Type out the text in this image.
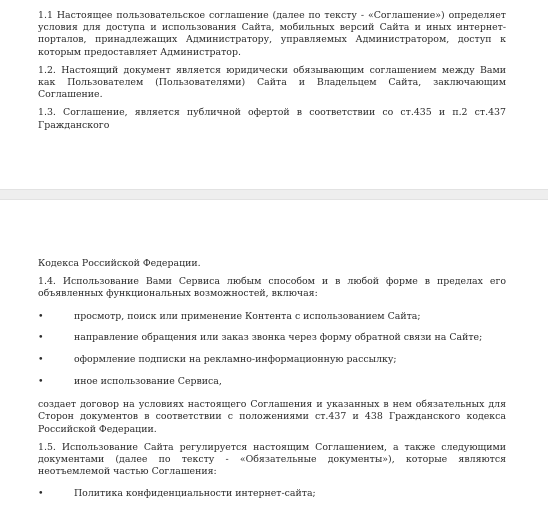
1.1 Настоящее пользовательское соглашение (далее по тексту - «Соглашение») определяет условия для доступа и использования Сайта, мобильных версий Сайта и иных интернет-порталов, принадлежащих Администратору, управляемых Администратором, доступ к которым предоставляет Администратор.

1.2. Настоящий документ является юридически обязывающим соглашением между Вами как Пользователем (Пользователями) Сайта и Владельцем Сайта, заключающим Соглашение.

1.3. Соглашение, является публичной офертой в соответствии со ст.435 и п.2 ст.437 Гражданского

Кодекса Российской Федерации.

1.4. Использование Вами Сервиса любым способом и в любой форме в пределах его объявленных функциональных возможностей, включая:

•	просмотр, поиск или применение Контента с использованием Сайта;
•	направление обращения или заказ звонка через форму обратной связи на Сайте;
•	оформление подписки на рекламно-информационную рассылку;
•	иное использование Сервиса,

создает договор на условиях настоящего Соглашения и указанных в нем обязательных для Сторон документов в соответствии с положениями ст.437 и 438 Гражданского кодекса Российской Федерации.

1.5. Использование Сайта регулируется настоящим Соглашением, а также следующими документами (далее по тексту - «Обязательные документы»), которые являются неотъемлемой частью Соглашения:

•	Политика конфиденциальности интернет-сайта;
